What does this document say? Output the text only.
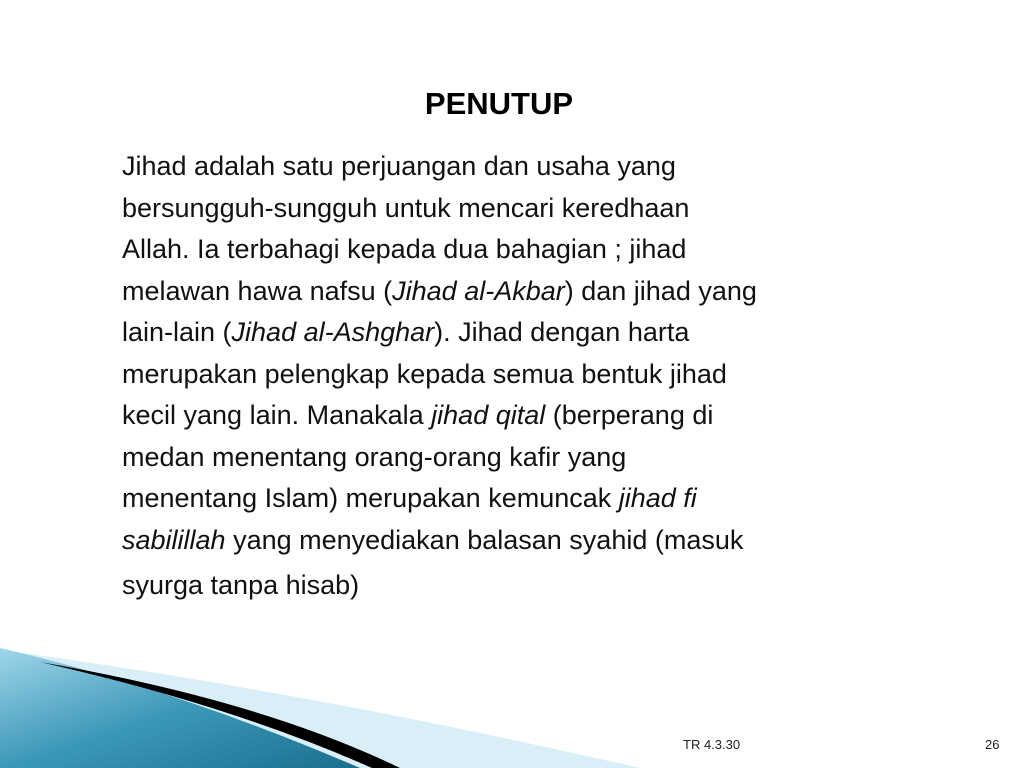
PENUTUP
Jihad adalah satu perjuangan dan usaha yang
bersungguh-sungguh untuk mencari keredhaan
Allah. Ia terbahagi kepada dua bahagian ; jihad
melawan hawa nafsu (Jihad al-Akbar) dan jihad yang
lain-lain (Jihad al-Ashghar). Jihad dengan harta
merupakan pelengkap kepada semua bentuk jihad
kecil yang lain. Manakala jihad qital (berperang di
medan menentang orang-orang kafir yang
menentang Islam) merupakan kemuncak jihad fi
sabilillah yang menyediakan balasan syahid (masuk
syurga tanpa hisab)
TR 4.3.30	26
